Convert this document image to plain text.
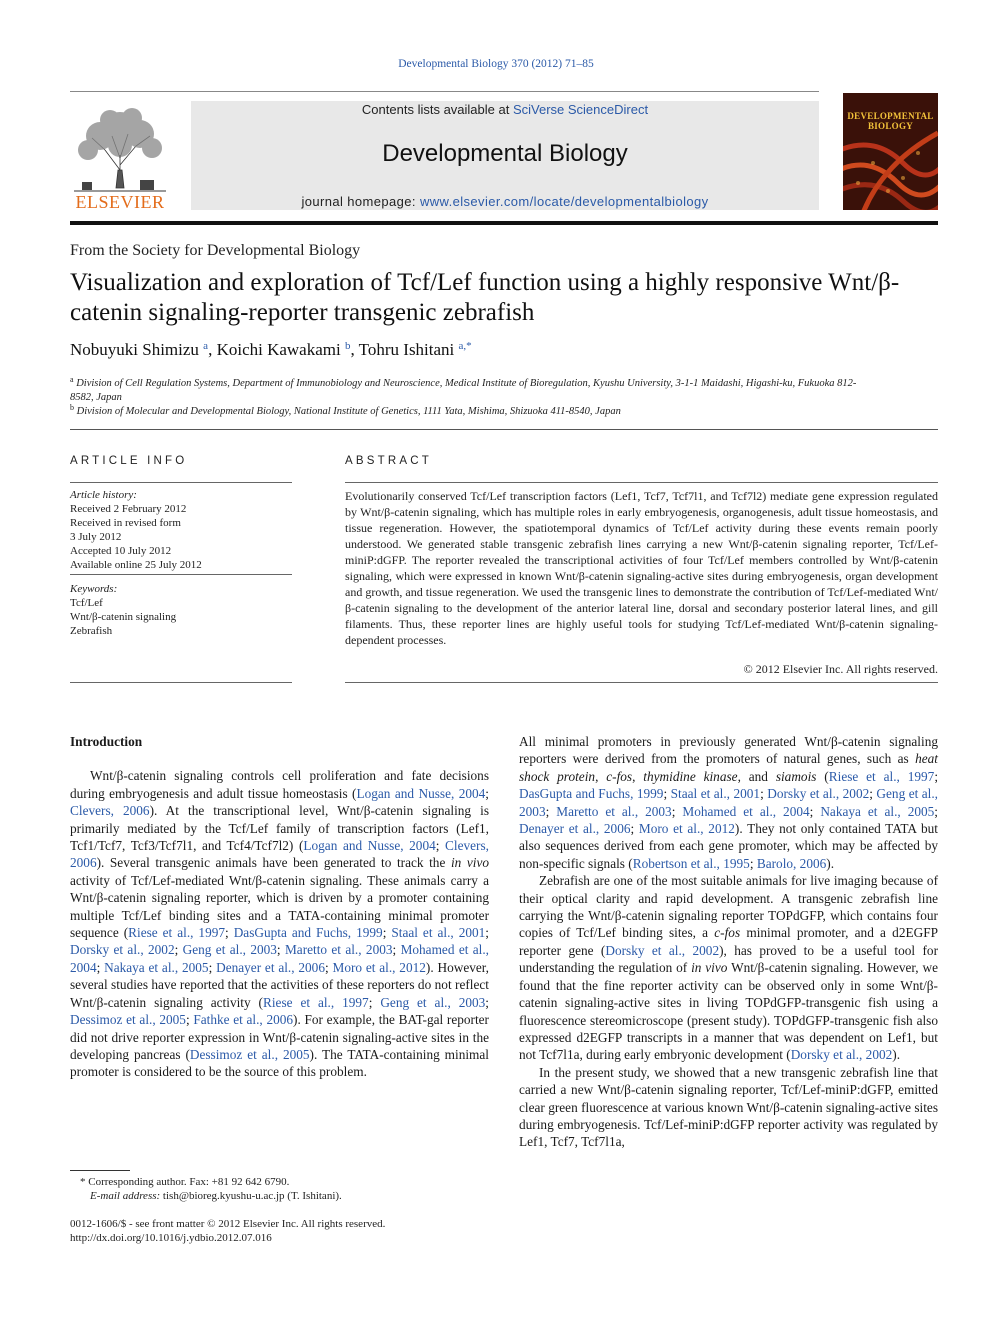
Developmental Biology 370 (2012) 71–85
ELSEVIER
Contents lists available at SciVerse ScienceDirect
Developmental Biology
journal homepage: www.elsevier.com/locate/developmentalbiology
DEVELOPMENTAL
BIOLOGY
From the Society for Developmental Biology
Visualization and exploration of Tcf/Lef function using a highly responsive Wnt/β-catenin signaling-reporter transgenic zebrafish
Nobuyuki Shimizu $^a$, Koichi Kawakami $^b$, Tohru Ishitani $^{a,*}$
$^a$ Division of Cell Regulation Systems, Department of Immunobiology and Neuroscience, Medical Institute of Bioregulation, Kyushu University, 3-1-1 Maidashi, Higashi-ku, Fukuoka 812-8582, Japan
$^b$ Division of Molecular and Developmental Biology, National Institute of Genetics, 1111 Yata, Mishima, Shizuoka 411-8540, Japan
ARTICLE INFO	ABSTRACT
Article history:
Received 2 February 2012
Received in revised form
3 July 2012
Accepted 10 July 2012
Available online 25 July 2012
Keywords:
Tcf/Lef
Wnt/β-catenin signaling
Zebrafish
Evolutionarily conserved Tcf/Lef transcription factors (Lef1, Tcf7, Tcf7l1, and Tcf7l2) mediate gene expression regulated by Wnt/β-catenin signaling, which has multiple roles in early embryogenesis, organogenesis, adult tissue homeostasis, and tissue regeneration. However, the spatiotemporal dynamics of Tcf/Lef activity during these events remain poorly understood. We generated stable transgenic zebrafish lines carrying a new Wnt/β-catenin signaling reporter, Tcf/Lef-miniP:dGFP. The reporter revealed the transcriptional activities of four Tcf/Lef members controlled by Wnt/β-catenin signaling, which were expressed in known Wnt/β-catenin signaling-active sites during embryogenesis, organ development and growth, and tissue regeneration. We used the transgenic lines to demonstrate the contribution of Tcf/Lef-mediated Wnt/β-catenin signaling to the development of the anterior lateral line, dorsal and secondary posterior lateral lines, and gill filaments. Thus, these reporter lines are highly useful tools for studying Tcf/Lef-mediated Wnt/β-catenin signaling-dependent processes.
© 2012 Elsevier Inc. All rights reserved.
Introduction

Wnt/β-catenin signaling controls cell proliferation and fate decisions during embryogenesis and adult tissue homeostasis (Logan and Nusse, 2004; Clevers, 2006). At the transcriptional level, Wnt/β-catenin signaling is primarily mediated by the Tcf/Lef family of transcription factors (Lef1, Tcf1/Tcf7, Tcf3/Tcf7l1, and Tcf4/Tcf7l2) (Logan and Nusse, 2004; Clevers, 2006). Several transgenic animals have been generated to track the in vivo activity of Tcf/Lef-mediated Wnt/β-catenin signaling. These animals carry a Wnt/β-catenin signaling reporter, which is driven by a promoter containing multiple Tcf/Lef binding sites and a TATA-containing minimal promoter sequence (Riese et al., 1997; DasGupta and Fuchs, 1999; Staal et al., 2001; Dorsky et al., 2002; Geng et al., 2003; Maretto et al., 2003; Mohamed et al., 2004; Nakaya et al., 2005; Denayer et al., 2006; Moro et al., 2012). However, several studies have reported that the activities of these reporters do not reflect Wnt/β-catenin signaling activity (Riese et al., 1997; Geng et al., 2003; Dessimoz et al., 2005; Fathke et al., 2006). For example, the BAT-gal reporter did not drive reporter expression in Wnt/β-catenin signaling-active sites in the developing pancreas (Dessimoz et al., 2005). The TATA-containing minimal promoter is considered to be the source of this problem.

All minimal promoters in previously generated Wnt/β-catenin signaling reporters were derived from the promoters of natural genes, such as heat shock protein, c-fos, thymidine kinase, and siamois (Riese et al., 1997; DasGupta and Fuchs, 1999; Staal et al., 2001; Dorsky et al., 2002; Geng et al., 2003; Maretto et al., 2003; Mohamed et al., 2004; Nakaya et al., 2005; Denayer et al., 2006; Moro et al., 2012). They not only contained TATA but also sequences derived from each gene promoter, which may be affected by non-specific signals (Robertson et al., 1995; Barolo, 2006).

Zebrafish are one of the most suitable animals for live imaging because of their optical clarity and rapid development. A transgenic zebrafish line carrying the Wnt/β-catenin signaling reporter TOPdGFP, which contains four copies of Tcf/Lef binding sites, a c-fos minimal promoter, and a d2EGFP reporter gene (Dorsky et al., 2002), has proved to be a useful tool for understanding the regulation of in vivo Wnt/β-catenin signaling. However, we found that the fine reporter activity can be observed only in some Wnt/β-catenin signaling-active sites in living TOPdGFP-transgenic fish using a fluorescence stereomicroscope (present study). TOPdGFP-transgenic fish also expressed d2EGFP transcripts in a manner that was dependent on Lef1, but not Tcf7l1a, during early embryonic development (Dorsky et al., 2002).

In the present study, we showed that a new transgenic zebrafish line that carried a new Wnt/β-catenin signaling reporter, Tcf/Lef-miniP:dGFP, emitted clear green fluorescence at various known Wnt/β-catenin signaling-active sites during embryogenesis. Tcf/Lef-miniP:dGFP reporter activity was regulated by Lef1, Tcf7, Tcf7l1a,

* Corresponding author. Fax: +81 92 642 6790.
E-mail address: tish@bioreg.kyushu-u.ac.jp (T. Ishitani).
0012-1606/$ - see front matter © 2012 Elsevier Inc. All rights reserved.
http://dx.doi.org/10.1016/j.ydbio.2012.07.016
